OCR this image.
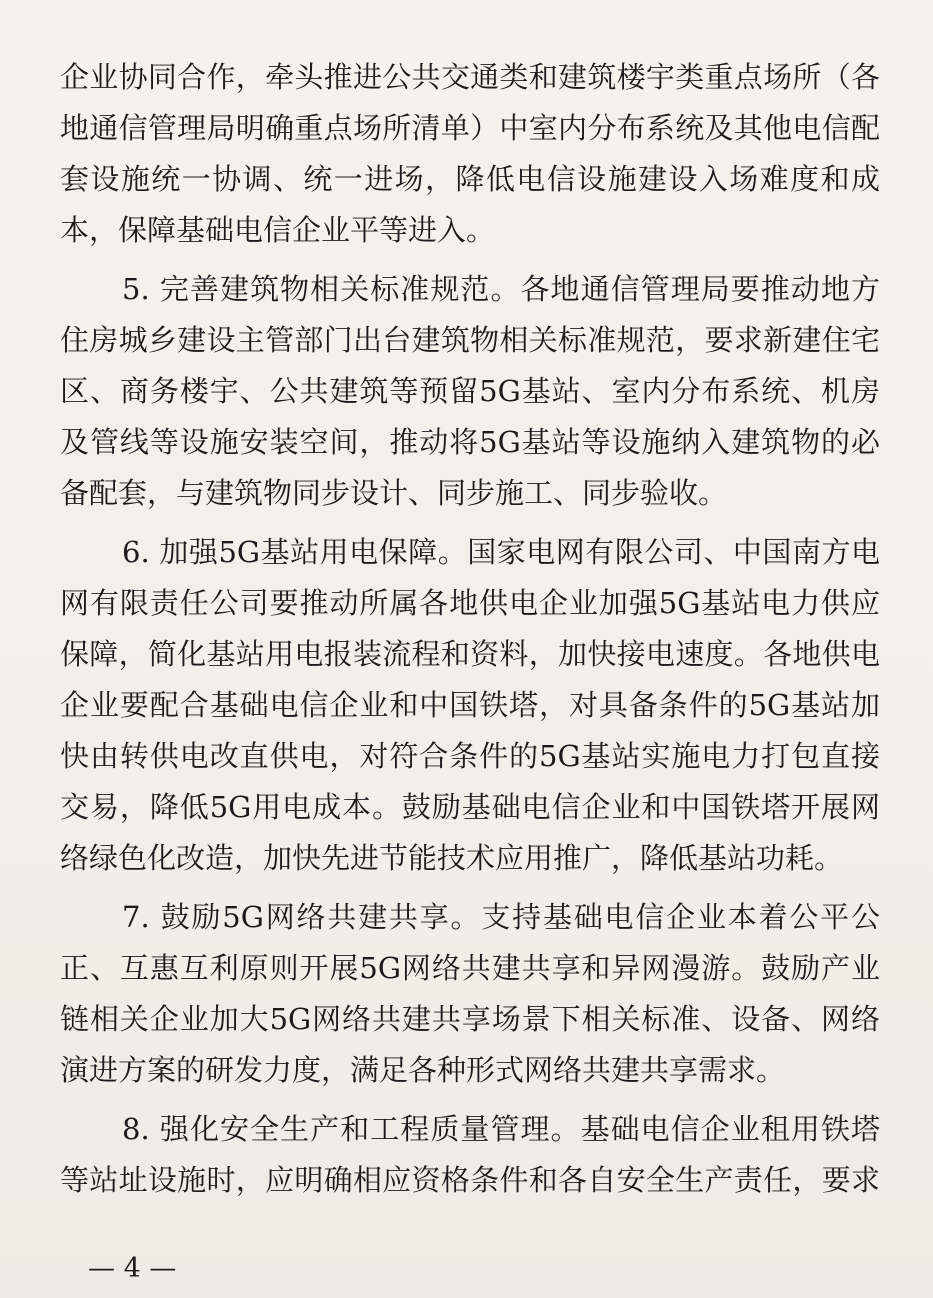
企业协同合作，牵头推进公共交通类和建筑楼宇类重点场所（各
地通信管理局明确重点场所清单）中室内分布系统及其他电信配
套设施统一协调、统一进场，降低电信设施建设入场难度和成
本，保障基础电信企业平等进入。
5. 完善建筑物相关标准规范。各地通信管理局要推动地方
住房城乡建设主管部门出台建筑物相关标准规范，要求新建住宅
区、商务楼宇、公共建筑等预留5G基站、室内分布系统、机房
及管线等设施安装空间，推动将5G基站等设施纳入建筑物的必
备配套，与建筑物同步设计、同步施工、同步验收。
6. 加强5G基站用电保障。国家电网有限公司、中国南方电
网有限责任公司要推动所属各地供电企业加强5G基站电力供应
保障，简化基站用电报装流程和资料，加快接电速度。各地供电
企业要配合基础电信企业和中国铁塔，对具备条件的5G基站加
快由转供电改直供电，对符合条件的5G基站实施电力打包直接
交易，降低5G用电成本。鼓励基础电信企业和中国铁塔开展网
络绿色化改造，加快先进节能技术应用推广，降低基站功耗。
7. 鼓励5G网络共建共享。支持基础电信企业本着公平公
正、互惠互利原则开展5G网络共建共享和异网漫游。鼓励产业
链相关企业加大5G网络共建共享场景下相关标准、设备、网络
演进方案的研发力度，满足各种形式网络共建共享需求。
8. 强化安全生产和工程质量管理。基础电信企业租用铁塔
等站址设施时，应明确相应资格条件和各自安全生产责任，要求
— 4 —
